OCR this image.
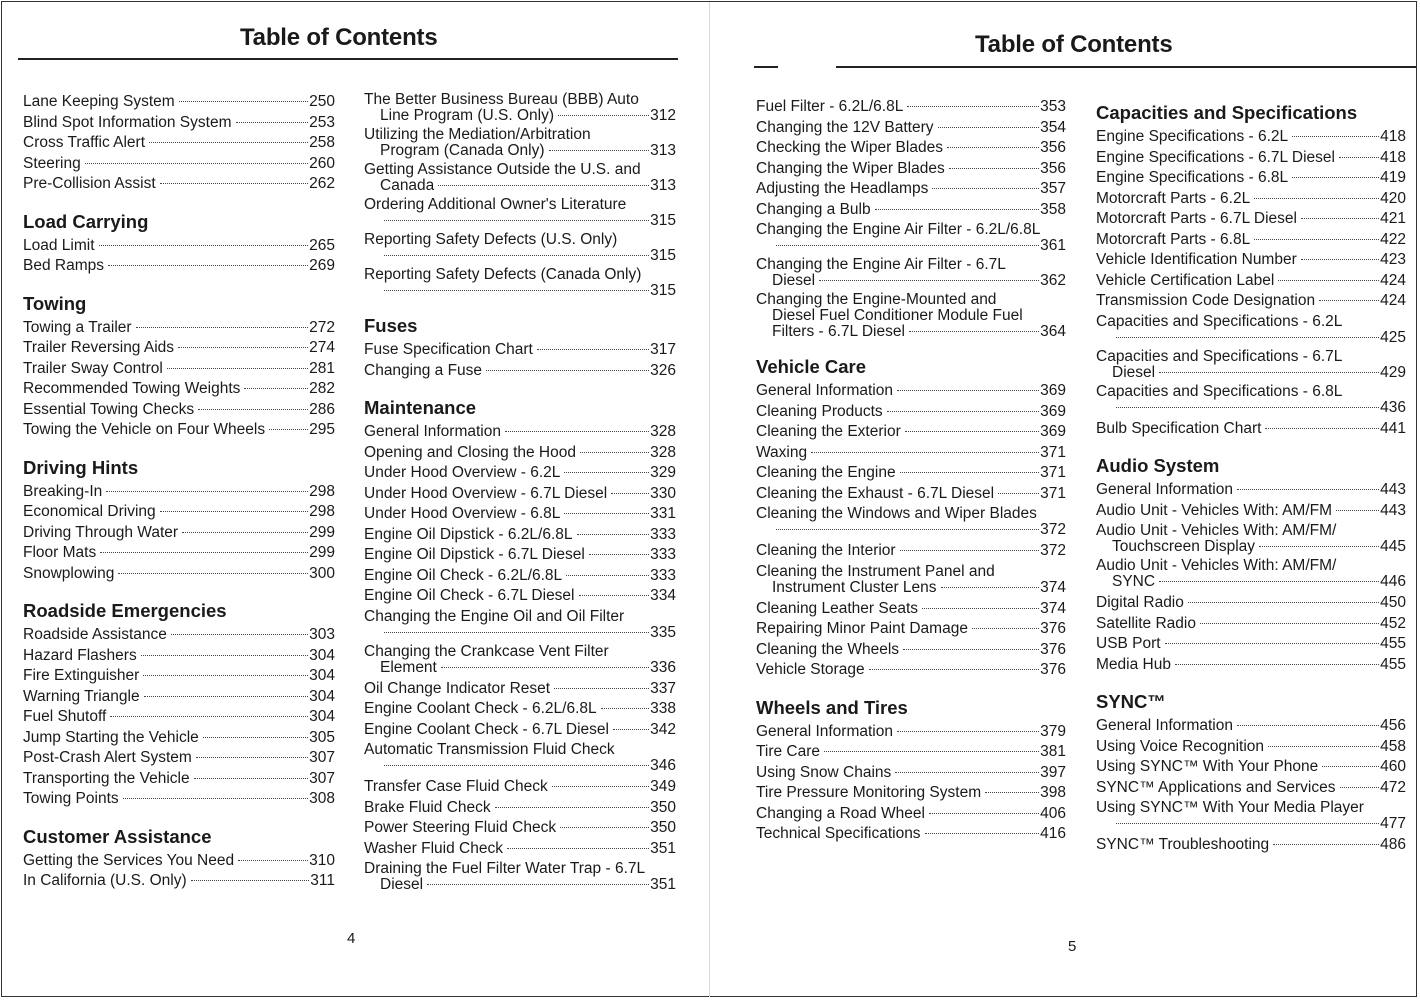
Table of Contents	Table of Contents
Lane Keeping System	250
Blind Spot Information System	253
Cross Traffic Alert	258
Steering	260
Pre-Collision Assist	262
Load Carrying
Load Limit	265
Bed Ramps	269
Towing
Towing a Trailer	272
Trailer Reversing Aids	274
Trailer Sway Control	281
Recommended Towing Weights	282
Essential Towing Checks	286
Towing the Vehicle on Four Wheels	295
Driving Hints
Breaking-In	298
Economical Driving	298
Driving Through Water	299
Floor Mats	299
Snowplowing	300
Roadside Emergencies
Roadside Assistance	303
Hazard Flashers	304
Fire Extinguisher	304
Warning Triangle	304
Fuel Shutoff	304
Jump Starting the Vehicle	305
Post-Crash Alert System	307
Transporting the Vehicle	307
Towing Points	308
Customer Assistance
Getting the Services You Need	310
In California (U.S. Only)	311
The Better Business Bureau (BBB) Auto
Line Program (U.S. Only)	312
Utilizing the Mediation/Arbitration
Program (Canada Only)	313
Getting Assistance Outside the U.S. and
Canada	313
Ordering Additional Owner's Literature
315
Reporting Safety Defects (U.S. Only)
315
Reporting Safety Defects (Canada Only)
315
Fuses
Fuse Specification Chart	317
Changing a Fuse	326
Maintenance
General Information	328
Opening and Closing the Hood	328
Under Hood Overview - 6.2L	329
Under Hood Overview - 6.7L Diesel	330
Under Hood Overview - 6.8L	331
Engine Oil Dipstick - 6.2L/6.8L	333
Engine Oil Dipstick - 6.7L Diesel	333
Engine Oil Check - 6.2L/6.8L	333
Engine Oil Check - 6.7L Diesel	334
Changing the Engine Oil and Oil Filter
335
Changing the Crankcase Vent Filter
Element	336
Oil Change Indicator Reset	337
Engine Coolant Check - 6.2L/6.8L	338
Engine Coolant Check - 6.7L Diesel	342
Automatic Transmission Fluid Check
346
Transfer Case Fluid Check	349
Brake Fluid Check	350
Power Steering Fluid Check	350
Washer Fluid Check	351
Draining the Fuel Filter Water Trap - 6.7L
Diesel	351
Fuel Filter - 6.2L/6.8L	353
Changing the 12V Battery	354
Checking the Wiper Blades	356
Changing the Wiper Blades	356
Adjusting the Headlamps	357
Changing a Bulb	358
Changing the Engine Air Filter - 6.2L/6.8L
361
Changing the Engine Air Filter - 6.7L
Diesel	362
Changing the Engine-Mounted and
Diesel Fuel Conditioner Module Fuel
Filters - 6.7L Diesel	364
Vehicle Care
General Information	369
Cleaning Products	369
Cleaning the Exterior	369
Waxing	371
Cleaning the Engine	371
Cleaning the Exhaust - 6.7L Diesel	371
Cleaning the Windows and Wiper Blades
372
Cleaning the Interior	372
Cleaning the Instrument Panel and
Instrument Cluster Lens	374
Cleaning Leather Seats	374
Repairing Minor Paint Damage	376
Cleaning the Wheels	376
Vehicle Storage	376
Wheels and Tires
General Information	379
Tire Care	381
Using Snow Chains	397
Tire Pressure Monitoring System	398
Changing a Road Wheel	406
Technical Specifications	416
Capacities and Specifications
Engine Specifications - 6.2L	418
Engine Specifications - 6.7L Diesel	418
Engine Specifications - 6.8L	419
Motorcraft Parts - 6.2L	420
Motorcraft Parts - 6.7L Diesel	421
Motorcraft Parts - 6.8L	422
Vehicle Identification Number	423
Vehicle Certification Label	424
Transmission Code Designation	424
Capacities and Specifications - 6.2L
425
Capacities and Specifications - 6.7L
Diesel	429
Capacities and Specifications - 6.8L
436
Bulb Specification Chart	441
Audio System
General Information	443
Audio Unit - Vehicles With: AM/FM	443
Audio Unit - Vehicles With: AM/FM/
Touchscreen Display	445
Audio Unit - Vehicles With: AM/FM/
SYNC	446
Digital Radio	450
Satellite Radio	452
USB Port	455
Media Hub	455
SYNC™
General Information	456
Using Voice Recognition	458
Using SYNC™ With Your Phone	460
SYNC™ Applications and Services	472
Using SYNC™ With Your Media Player
477
SYNC™ Troubleshooting	486
4	5
